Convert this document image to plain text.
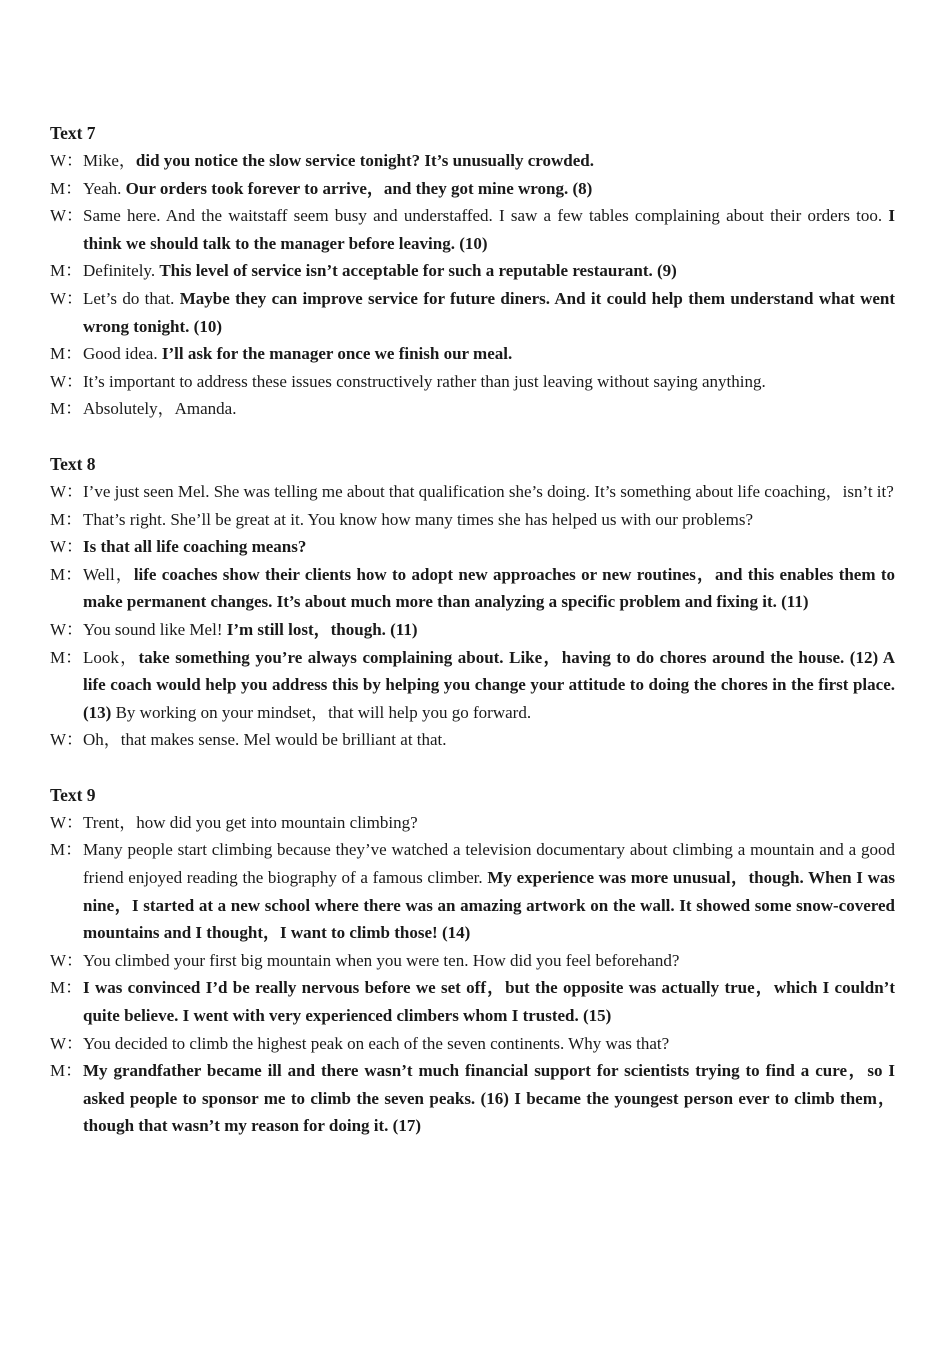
Text 7
W： Mike，did you notice the slow service tonight? It’s unusually crowded.
M： Yeah. Our orders took forever to arrive，and they got mine wrong. (8)
W： Same here. And the waitstaff seem busy and understaffed. I saw a few tables complaining about their orders too. I think we should talk to the manager before leaving. (10)
M： Definitely. This level of service isn’t acceptable for such a reputable restaurant. (9)
W： Let’s do that. Maybe they can improve service for future diners. And it could help them understand what went wrong tonight. (10)
M： Good idea. I’ll ask for the manager once we finish our meal.
W： It’s important to address these issues constructively rather than just leaving without saying anything.
M： Absolutely，Amanda.
Text 8
W： I’ve just seen Mel. She was telling me about that qualification she’s doing. It’s something about life coaching，isn’t it?
M： That’s right. She’ll be great at it. You know how many times she has helped us with our problems?
W： Is that all life coaching means?
M： Well，life coaches show their clients how to adopt new approaches or new routines，and this enables them to make permanent changes. It’s about much more than analyzing a specific problem and fixing it. (11)
W： You sound like Mel! I’m still lost，though. (11)
M： Look，take something you’re always complaining about. Like，having to do chores around the house. (12) A life coach would help you address this by helping you change your attitude to doing the chores in the first place. (13) By working on your mindset，that will help you go forward.
W： Oh，that makes sense. Mel would be brilliant at that.
Text 9
W： Trent，how did you get into mountain climbing?
M： Many people start climbing because they’ve watched a television documentary about climbing a mountain and a good friend enjoyed reading the biography of a famous climber. My experience was more unusual，though. When I was nine，I started at a new school where there was an amazing artwork on the wall. It showed some snow-covered mountains and I thought，I want to climb those! (14)
W： You climbed your first big mountain when you were ten. How did you feel beforehand?
M： I was convinced I’d be really nervous before we set off，but the opposite was actually true，which I couldn’t quite believe. I went with very experienced climbers whom I trusted. (15)
W： You decided to climb the highest peak on each of the seven continents. Why was that?
M： My grandfather became ill and there wasn’t much financial support for scientists trying to find a cure，so I asked people to sponsor me to climb the seven peaks. (16) I became the youngest person ever to climb them，though that wasn’t my reason for doing it. (17)
